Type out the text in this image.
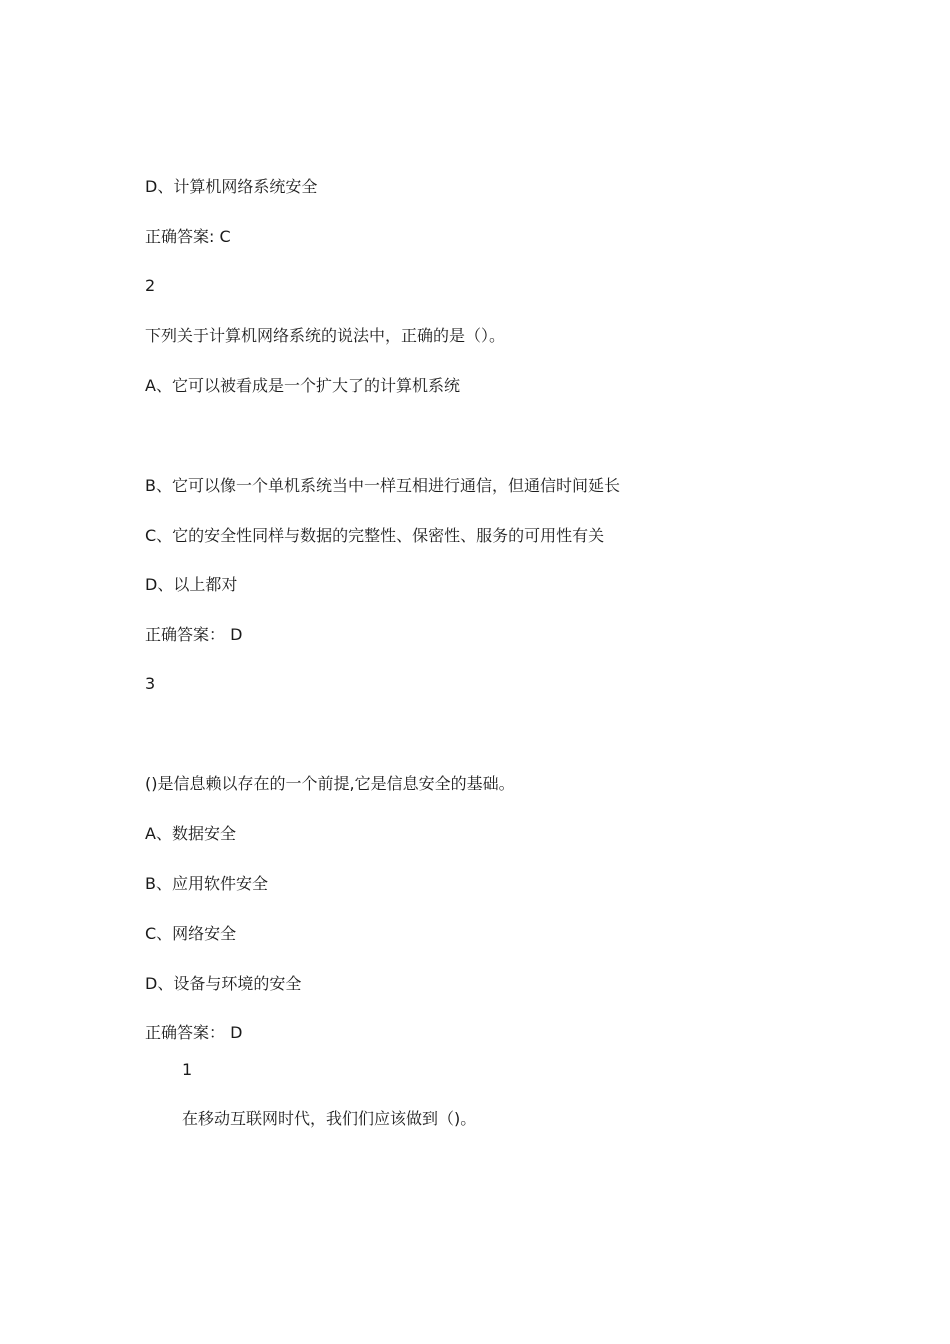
D、计算机网络系统安全
正确答案: C
2
下列关于计算机网络系统的说法中，正确的是（）。
A、它可以被看成是一个扩大了的计算机系统
B、它可以像一个单机系统当中一样互相进行通信，但通信时间延长
C、它的安全性同样与数据的完整性、保密性、服务的可用性有关
D、以上都对
正确答案： D
3
()是信息赖以存在的一个前提,它是信息安全的基础。
A、数据安全
B、应用软件安全
C、网络安全
D、设备与环境的安全
正确答案： D
1
在移动互联网时代，我们们应该做到（)。
